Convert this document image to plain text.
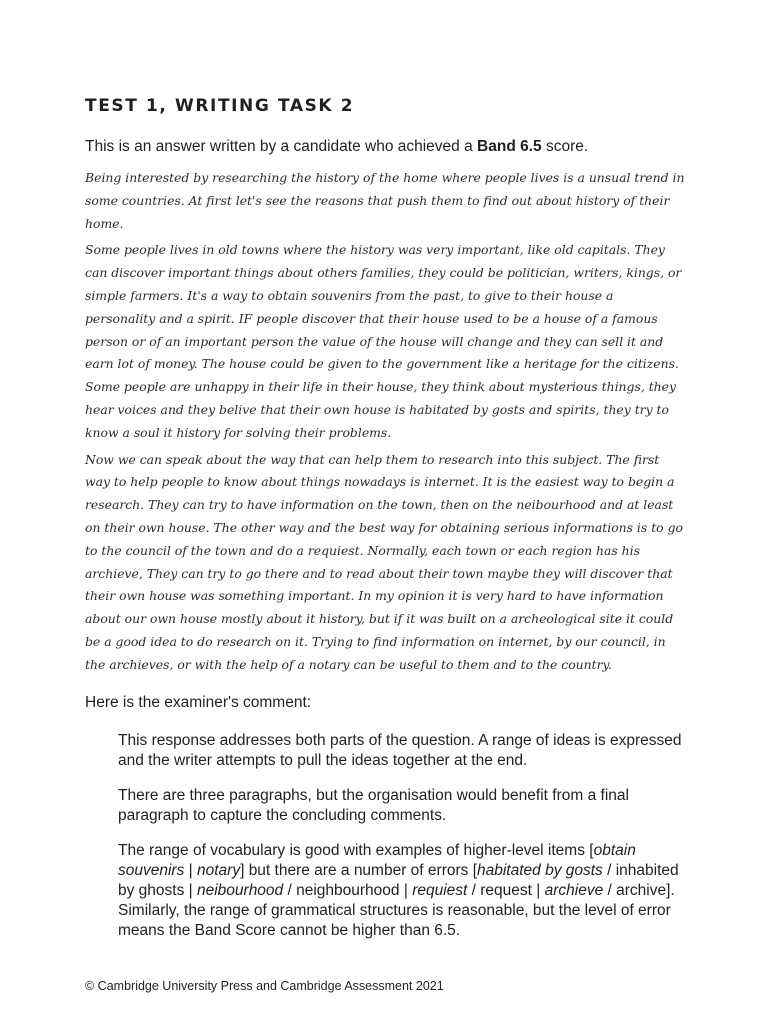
TEST 1, WRITING TASK 2

This is an answer written by a candidate who achieved a Band 6.5 score.

Being interested by researching the history of the home where people lives is a unsual trend in some countries. At first let's see the reasons that push them to find out about history of their home.

Some people lives in old towns where the history was very important, like old capitals. They can discover important things about others families, they could be politician, writers, kings, or simple farmers. It's a way to obtain souvenirs from the past, to give to their house a personality and a spirit. IF people discover that their house used to be a house of a famous person or of an important person the value of the house will change and they can sell it and earn lot of money. The house could be given to the government like a heritage for the citizens. Some people are unhappy in their life in their house, they think about mysterious things, they hear voices and they belive that their own house is habitated by gosts and spirits, they try to know a soul it history for solving their problems.

Now we can speak about the way that can help them to research into this subject. The first way to help people to know about things nowadays is internet. It is the easiest way to begin a research. They can try to have information on the town, then on the neibourhood and at least on their own house. The other way and the best way for obtaining serious informations is to go to the council of the town and do a requiest. Normally, each town or each region has his archieve, They can try to go there and to read about their town maybe they will discover that their own house was something important. In my opinion it is very hard to have information about our own house mostly about it history, but if it was built on a archeological site it could be a good idea to do research on it. Trying to find information on internet, by our council, in the archieves, or with the help of a notary can be useful to them and to the country.

Here is the examiner's comment:

This response addresses both parts of the question. A range of ideas is expressed and the writer attempts to pull the ideas together at the end.

There are three paragraphs, but the organisation would benefit from a final paragraph to capture the concluding comments.

The range of vocabulary is good with examples of higher-level items [obtain souvenirs | notary] but there are a number of errors [habitated by gosts / inhabited by ghosts | neibourhood / neighbourhood | requiest / request | archieve / archive]. Similarly, the range of grammatical structures is reasonable, but the level of error means the Band Score cannot be higher than 6.5.

© Cambridge University Press and Cambridge Assessment 2021
